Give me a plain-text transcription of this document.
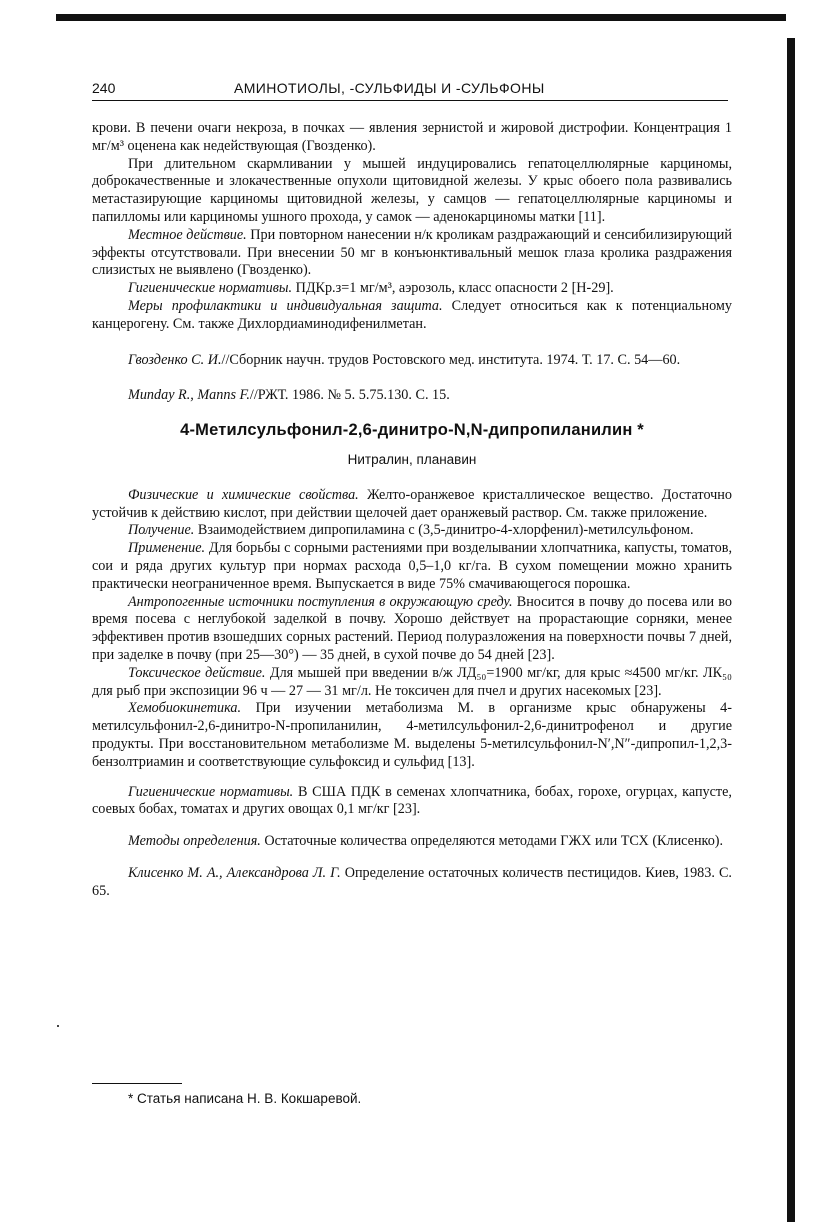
240	АМИНОТИОЛЫ, -СУЛЬФИДЫ И -СУЛЬФОНЫ

крови. В печени очаги некроза, в почках — явления зернистой и жировой дистрофии. Концентрация 1 мг/м³ оценена как недействующая (Гвозденко).

При длительном скармливании у мышей индуцировались гепатоцеллюлярные карциномы, доброкачественные и злокачественные опухоли щитовидной железы. У крыс обоего пола развивались метастазирующие карциномы щитовидной железы, у самцов — гепатоцеллюлярные карциномы и папилломы или карциномы ушного прохода, у самок — аденокарциномы матки [11].

Местное действие. При повторном нанесении н/к кроликам раздражающий и сенсибилизирующий эффекты отсутствовали. При внесении 50 мг в конъюнктивальный мешок глаза кролика раздражения слизистых не выявлено (Гвозденко).

Гигиенические нормативы. ПДКр.з=1 мг/м³, аэрозоль, класс опасности 2 [Н-29].

Меры профилактики и индивидуальная защита. Следует относиться как к потенциальному канцерогену. См. также Дихлордиаминодифенилметан.

Гвозденко С. И.//Сборник научн. трудов Ростовского мед. института. 1974. Т. 17. С. 54—60.

Munday R., Manns F.//РЖТ. 1986. № 5. 5.75.130. С. 15.

4-Метилсульфонил-2,6-динитро-N,N-дипропиланилин *
Нитралин, планавин

Физические и химические свойства. Желто-оранжевое кристаллическое вещество. Достаточно устойчив к действию кислот, при действии щелочей дает оранжевый раствор. См. также приложение.

Получение. Взаимодействием дипропиламина с (3,5-динитро-4-хлорфенил)-метилсульфоном.

Применение. Для борьбы с сорными растениями при возделывании хлопчатника, капусты, томатов, сои и ряда других культур при нормах расхода 0,5–1,0 кг/га. В сухом помещении можно хранить практически неограниченное время. Выпускается в виде 75% смачивающегося порошка.

Антропогенные источники поступления в окружающую среду. Вносится в почву до посева или во время посева с неглубокой заделкой в почву. Хорошо действует на прорастающие сорняки, менее эффективен против взошедших сорных растений. Период полуразложения на поверхности почвы 7 дней, при заделке в почву (при 25—30°) — 35 дней, в сухой почве до 54 дней [23].

Токсическое действие. Для мышей при введении в/ж ЛД₅₀=1900 мг/кг, для крыс ≈4500 мг/кг. ЛК₅₀ для рыб при экспозиции 96 ч — 27 — 31 мг/л. Не токсичен для пчел и других насекомых [23].

Хемобиокинетика. При изучении метаболизма М. в организме крыс обнаружены 4-метилсульфонил-2,6-динитро-N-пропиланилин, 4-метилсульфонил-2,6-динитрофенол и другие продукты. При восстановительном метаболизме М. выделены 5-метилсульфонил-N′,N″-дипропил-1,2,3-бензолтриамин и соответствующие сульфоксид и сульфид [13].

Гигиенические нормативы. В США ПДК в семенах хлопчатника, бобах, горохе, огурцах, капусте, соевых бобах, томатах и других овощах 0,1 мг/кг [23].

Методы определения. Остаточные количества определяются методами ГЖХ или ТСХ (Клисенко).

Клисенко М. А., Александрова Л. Г. Определение остаточных количеств пестицидов. Киев, 1983. С. 65.

* Статья написана Н. В. Кокшаревой.
